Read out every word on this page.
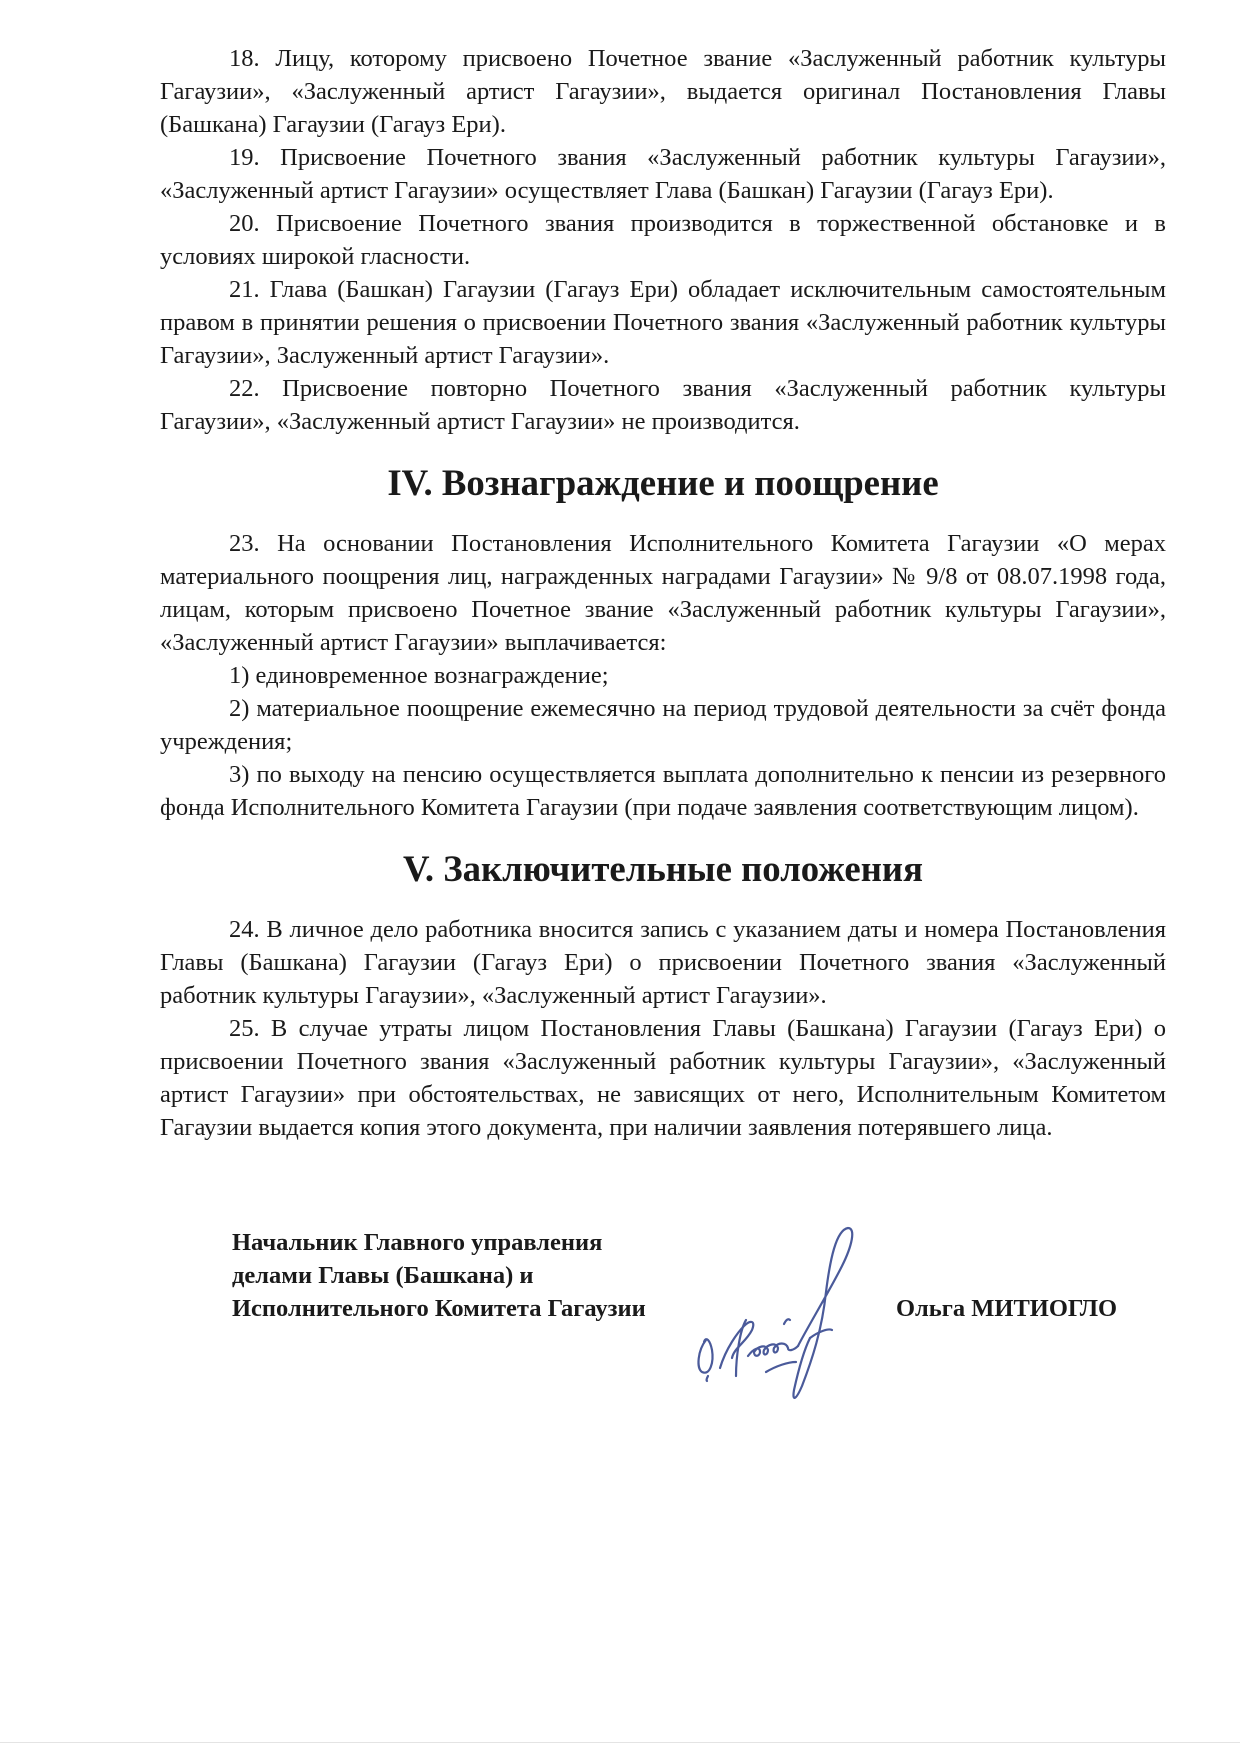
18. Лицу, которому присвоено Почетное звание «Заслуженный работник культуры Гагаузии», «Заслуженный артист Гагаузии», выдается оригинал Постановления Главы (Башкана) Гагаузии (Гагауз Ери).

19. Присвоение Почетного звания «Заслуженный работник культуры Гагаузии», «Заслуженный артист Гагаузии» осуществляет Глава (Башкан) Гагаузии (Гагауз Ери).

20. Присвоение Почетного звания производится в торжественной обстановке и в условиях широкой гласности.

21. Глава (Башкан) Гагаузии (Гагауз Ери) обладает исключительным самостоятельным правом в принятии решения о присвоении Почетного звания «Заслуженный работник культуры Гагаузии», Заслуженный артист Гагаузии».

22. Присвоение повторно Почетного звания «Заслуженный работник культуры Гагаузии», «Заслуженный артист Гагаузии» не производится.

IV. Вознаграждение и поощрение

23. На основании Постановления Исполнительного Комитета Гагаузии «О мерах материального поощрения лиц, награжденных наградами Гагаузии» № 9/8 от 08.07.1998 года, лицам, которым присвоено Почетное звание «Заслуженный работник культуры Гагаузии», «Заслуженный артист Гагаузии» выплачивается:

1) единовременное вознаграждение;

2) материальное поощрение ежемесячно на период трудовой деятельности за счёт фонда учреждения;

3) по выходу на пенсию осуществляется выплата дополнительно к пенсии из резервного фонда Исполнительного Комитета Гагаузии (при подаче заявления соответствующим лицом).

V. Заключительные положения

24. В личное дело работника вносится запись с указанием даты и номера Постановления Главы (Башкана) Гагаузии (Гагауз Ери) о присвоении Почетного звания «Заслуженный работник культуры Гагаузии», «Заслуженный артист Гагаузии».

25. В случае утраты лицом Постановления Главы (Башкана) Гагаузии (Гагауз Ери) о присвоении Почетного звания «Заслуженный работник культуры Гагаузии», «Заслуженный артист Гагаузии» при обстоятельствах, не зависящих от него, Исполнительным Комитетом Гагаузии выдается копия этого документа, при наличии заявления потерявшего лица.

Начальник Главного управления
делами Главы (Башкана) и
Исполнительного Комитета Гагаузии	Ольга МИТИОГЛО
